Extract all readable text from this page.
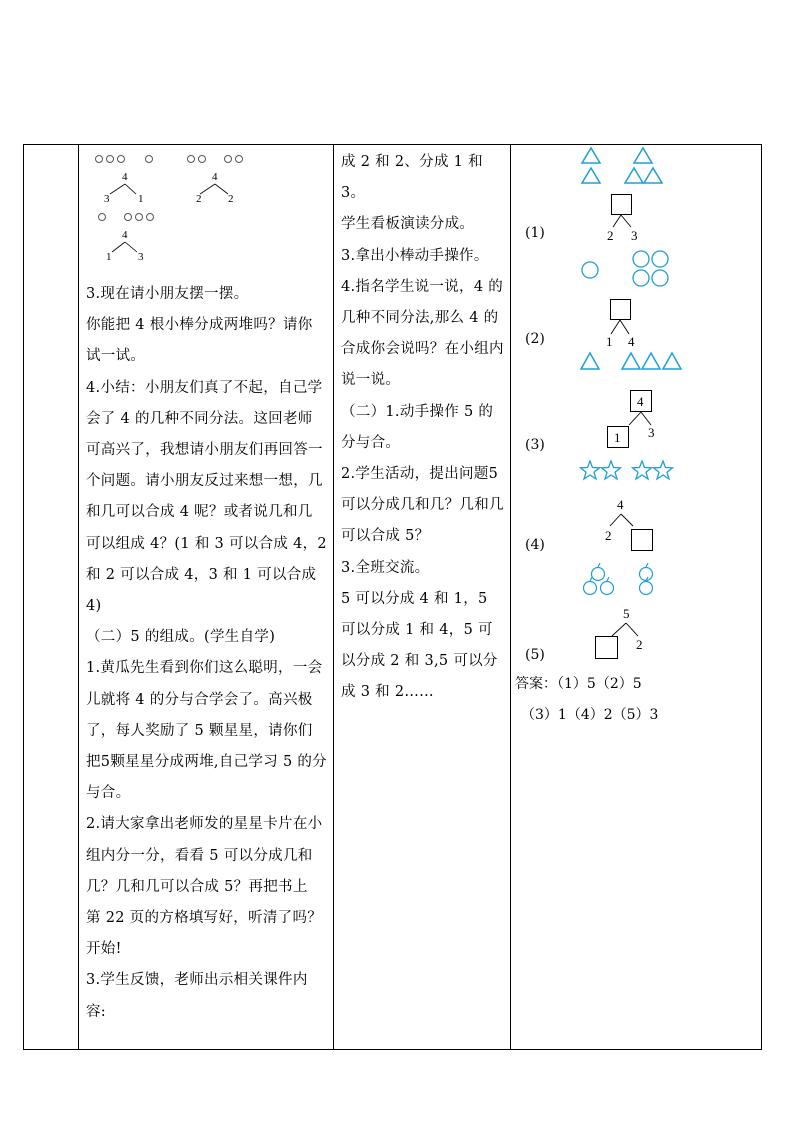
4
3	1
4
2 2
4
1 3

3.现在请小朋友摆一摆。

你能把 4 根小棒分成两堆吗？请你试一试。

4.小结：小朋友们真了不起，自己学会了 4 的几种不同分法。这回老师可高兴了，我想请小朋友们再回答一个问题。请小朋友反过来想一想，几和几可以合成 4 呢？或者说几和几可以组成 4？(1 和 3 可以合成 4，2 和 2 可以合成 4，3 和 1 可以合成 4)

（二）5 的组成。(学生自学)

1.黄瓜先生看到你们这么聪明，一会儿就将 4 的分与合学会了。高兴极了，每人奖励了 5 颗星星，请你们把5颗星星分成两堆,自己学习 5 的分与合。

2.请大家拿出老师发的星星卡片在小组内分一分，看看 5 可以分成几和几？几和几可以合成 5？再把书上

第 22 页的方格填写好，听清了吗？开始!

3.学生反馈，老师出示相关课件内容:

成 2 和 2、分成 1 和 3。

学生看板演读分成。

3.拿出小棒动手操作。

4.指名学生说一说，4 的几种不同分法,那么 4 的合成你会说吗？在小组内说一说。

（二）1.动手操作 5 的分与合。

2.学生活动，提出问题5可以分成几和几？几和几可以合成 5？

3.全班交流。

5 可以分成 4 和 1，5 可以分成 1 和 4，5 可以分成 2 和 3,5 可以分成 3 和 2……

(1)	2 3
(2)	1 4
4
1 3
(3)
4
2
(4)
5
2
(5)
答案：（1）5（2）5
（3）1（4）2（5）3
